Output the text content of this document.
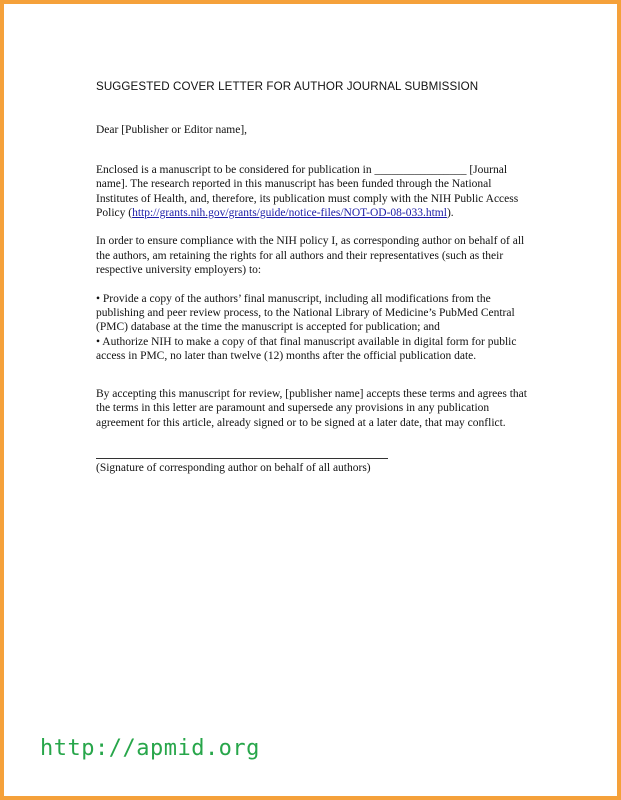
SUGGESTED COVER LETTER FOR AUTHOR JOURNAL SUBMISSION
Dear [Publisher or Editor name],
Enclosed is a manuscript to be considered for publication in ________________ [Journal name]. The research reported in this manuscript has been funded through the National Institutes of Health, and, therefore, its publication must comply with the NIH Public Access Policy (http://grants.nih.gov/grants/guide/notice-files/NOT-OD-08-033.html).
In order to ensure compliance with the NIH policy I, as corresponding author on behalf of all the authors, am retaining the rights for all authors and their representatives (such as their respective university employers) to:
• Provide a copy of the authors’ final manuscript, including all modifications from the publishing and peer review process, to the National Library of Medicine’s PubMed Central (PMC) database at the time the manuscript is accepted for publication; and
• Authorize NIH to make a copy of that final manuscript available in digital form for public access in PMC, no later than twelve (12) months after the official publication date.
By accepting this manuscript for review, [publisher name] accepts these terms and agrees that the terms in this letter are paramount and supersede any provisions in any publication agreement for this article, already signed or to be signed at a later date, that may conflict.
(Signature of corresponding author on behalf of all authors)
http://apmid.org
